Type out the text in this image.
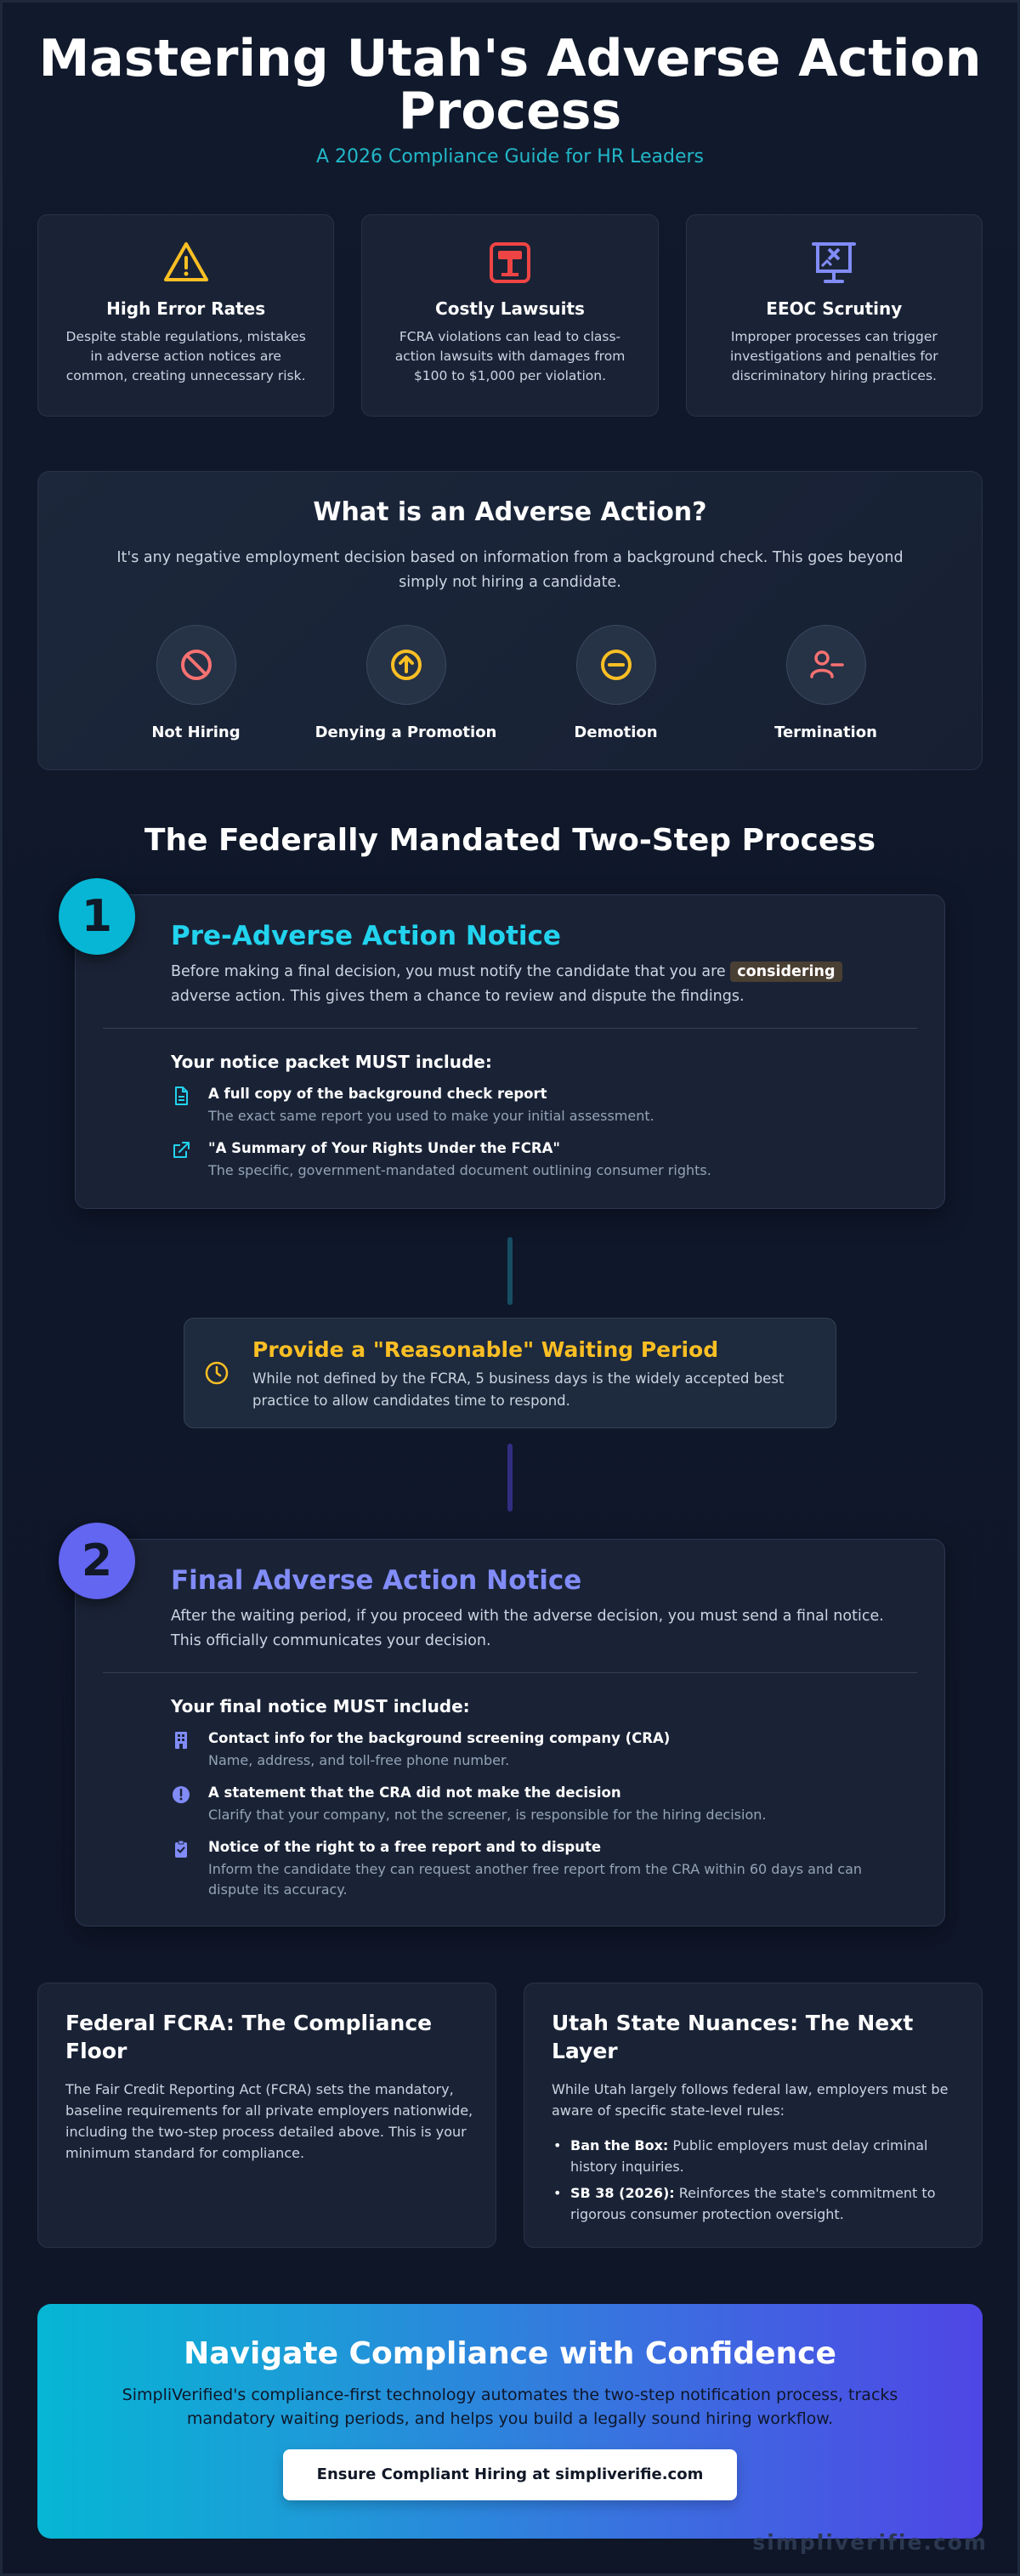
Mastering Utah's Adverse Action
Process
A 2026 Compliance Guide for HR Leaders
High Error Rates

Despite stable regulations, mistakes in adverse action notices are common, creating unnecessary risk.

Costly Lawsuits

FCRA violations can lead to class-action lawsuits with damages from $100 to $1,000 per violation.

EEOC Scrutiny

Improper processes can trigger investigations and penalties for discriminatory hiring practices.

What is an Adverse Action?

It's any negative employment decision based on information from a background check. This goes beyond simply not hiring a candidate.

Not Hiring	Denying a Promotion	Demotion	Termination
The Federally Mandated Two-Step Process
1	Pre-Adverse Action Notice

Before making a final decision, you must notify the candidate that you are considering adverse action. This gives them a chance to review and dispute the findings.

Your notice packet MUST include:
A full copy of the background check report
The exact same report you used to make your initial assessment.
"A Summary of Your Rights Under the FCRA"
The specific, government-mandated document outlining consumer rights.
Provide a "Reasonable" Waiting Period

While not defined by the FCRA, 5 business days is the widely accepted best practice to allow candidates time to respond.

2	Final Adverse Action Notice

After the waiting period, if you proceed with the adverse decision, you must send a final notice. This officially communicates your decision.

Your final notice MUST include:
Contact info for the background screening company (CRA)
Name, address, and toll-free phone number.
A statement that the CRA did not make the decision
Clarify that your company, not the screener, is responsible for the hiring decision.
Notice of the right to a free report and to dispute
Inform the candidate they can request another free report from the CRA within 60 days and can dispute its accuracy.
Federal FCRA: The Compliance Floor

The Fair Credit Reporting Act (FCRA) sets the mandatory, baseline requirements for all private employers nationwide, including the two-step process detailed above. This is your minimum standard for compliance.

Utah State Nuances: The Next Layer

While Utah largely follows federal law, employers must be aware of specific state-level rules:

• Ban the Box: Public employers must delay criminal history inquiries.
• SB 38 (2026): Reinforces the state's commitment to rigorous consumer protection oversight.
Navigate Compliance with Confidence

SimpliVerified's compliance-first technology automates the two-step notification process, tracks mandatory waiting periods, and helps you build a legally sound hiring workflow.

Ensure Compliant Hiring at simpliverifie.com
simpliverifie.com
